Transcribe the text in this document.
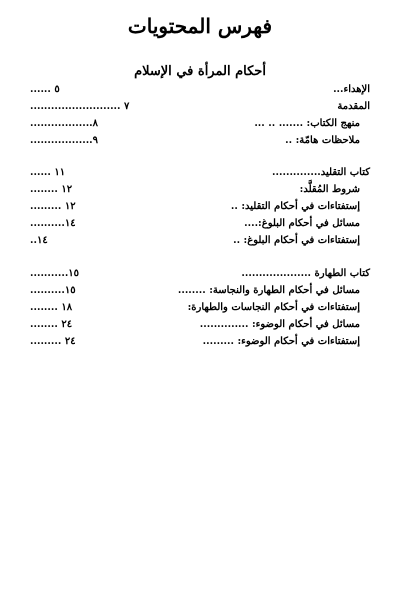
فهرس المحتويات
أحكام المرأة في الإسلام
الإهداء...
٥ ......
المقدمة
٧ ..........................
منهج الكتاب: ....... .. ...
٨..................
ملاحظات هامّة: ..
٩..................
كتاب التقليد..............
١١ ......
شروط المُقلَّد:
١٢ ........
إستفتاءات في أحكام التقليد: ..
١٢ .........
مسائل في أحكام البلوغ:....
١٤..........
إستفتاءات في أحكام البلوغ: ..
١٤..
كتاب الطهارة ....................
١٥...........
مسائل في أحكام الطهارة والنجاسة: ........
١٥..........
إستفتاءات في أحكام النجاسات والطهارة:
١٨ ........
مسائل في أحكام الوضوء: ..............
٢٤ ........
إستفتاءات في أحكام الوضوء: .........
٢٤ .........
